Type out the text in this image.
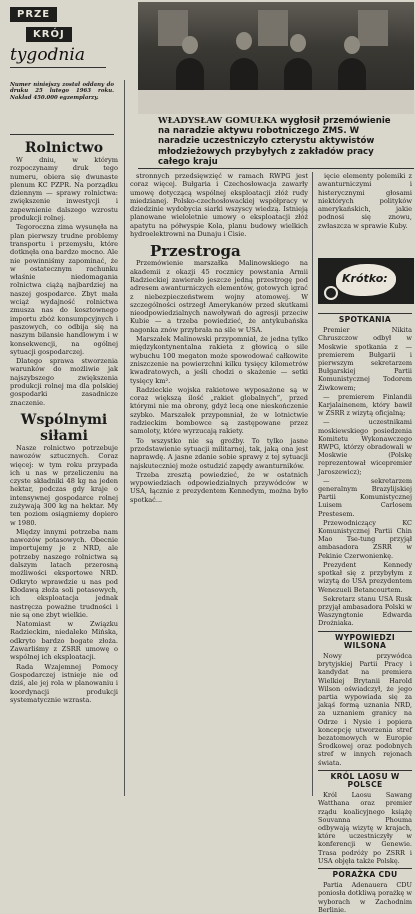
PRZE
KRÓJ
tygodnia
Numer niniejszy został oddany do druku 25 lutego 1963 roku. Nakład 450.000 egzemplarzy.
WŁADYSŁAW GOMUŁKA wygłosił przemówienie na naradzie aktywu robotniczego ZMS. W naradzie uczestniczyło czterystu aktywistów młodzieżowych przybyłych z zakładów pracy całego kraju
Rolnictwo

W dniu, w którym rozpoczynamy druk tego numeru, obiera się dwunaste plenum KC PZPR. Na porządku dziennym — sprawy rolnictwa: zwiększenie inwestycji i zapewnienie dalszego wzrostu produkcji rolnej.

Tegoroczna zima wysunęła na plan pierwszy trudne problemy transportu i przemysłu, które dotknęła ona bardzo mocno. Ale nie powinniśmy zapominać, że w ostatecznym rachunku właśnie niedomagania rolnictwa ciążą najbardziej na naszej gospodarce. Zbyt mała wciąż wydajność rolnictwa zmusza nas do kosztownego importu zbóż konsumpcyjnych i paszowych, co odbija się na naszym bilansie handlowym i w konsekwencji, na ogólnej sytuacji gospodarczej.

Dlatego sprawa stworzenia warunków do możliwie jak najszybszego zwiększenia produkcji rolnej ma dla polskiej gospodarki zasadnicze znaczenie.

Wspólnymi siłami

Nasze rolnictwo potrzebuje nawozów sztucznych. Coraz więcej: w tym roku przypada ich u nas w przeliczeniu na czyste składniki 48 kg na jeden hektar, podczas gdy kraje o intensywnej gospodarce rolnej zużywają 300 kg na hektar. My ten poziom osiągniemy dopiero w 1980.

Między innymi potrzeba nam nawozów potasowych. Obecnie importujemy je z NRD, ale potrzeby naszego rolnictwa są dalszym latach przerosną możliwości eksportowe NRD. Odkryto wprawdzie u nas pod Kłodawą złoża soli potasowych, ich eksploatacja jednak nastręcza poważne trudności i nie są one zbyt wielkie.

Natomiast w Związku Radzieckim, niedaleko Mińska, odkryto bardzo bogate złoża. Zawarliśmy z ZSRR umowę o wspólnej ich eksploatacji.

Rada Wzajemnej Pomocy Gospodarczej istnieje nie od dziś, ale jej rola w planowaniu i koordynacji produkcji systematycznie wzrasta.

stronnych przedsięwzięć w ramach RWPG jest coraz więcej. Bułgaria i Czechosłowacja zawarły umowę dotyczącą wspólnej eksploatacji złóż rudy miedzianej. Polsko-czechosłowackiej współpracy w dziedzinie wydobycia siarki wszyscy wiedzą. Istnieją planowane wieloletnie umowy o eksploatacji złóż apatytu na półwyspie Kola, planu budowy wielkich hydroelektrowni na Dunaju i Cisie.

Przestroga

Przemówienie marszałka Malinowskiego na akademii z okazji 45 rocznicy powstania Armii Radzieckiej zawierało jeszcze jedną przestrogę pod adresem awanturniczych elementów, gotowych igrać z niebezpieczeństwem wojny atomowej. W szczególności ostrzegł Amerykanów przed skutkami nieodpowiedzialnych nawoływań do agresji przeciw Kubie — a trzeba powiedzieć, że antykubańska nagonka znów przybrała na sile w USA.

Marszałek Malinowski przypomniał, że jedna tylko międzykontynentalna rakieta z głowicą o sile wybuchu 100 megaton może spowodować całkowite zniszczenie na powierzchni kilku tysięcy kilometrów kwadratowych, a jeśli chodzi o skażenie — setki tysięcy km².

Radzieckie wojska rakietowe wyposażone są w coraz większą ilość „rakiet globalnych”, przed którymi nie ma obrony, gdyż lecą one nieskończenie szybko. Marszałek przypomniał, że w lotnictwie radzieckim bombowce są zastępowane przez samoloty, które wyrzucają rakiety.

To wszystko nie są groźby. To tylko jasne przedstawienie sytuacji militarnej, tak, jaką ona jest naprawdę. A jasne zdanie sobie sprawy z tej sytuacji najskuteczniej może ostudzić zapędy awanturników.

Trzeba zresztą powiedzieć, że w ostatnich wypowiedziach odpowiedzialnych przywódców w USA, łącznie z prezydentem Kennedym, można było spotkać...

ięcie elementy polemiki z awanturniczymi i histerycznymi głosami niektórych polityków amerykańskich, jakie podnosi się znowu, zwłaszcza w sprawie Kuby.

Krótko:
SPOTKANIA

Premier Nikita Chruszczow odbył w Moskwie spotkania z — premierem Bułgarii i pierwszym sekretarzem Bułgarskiej Partii Komunistycznej Todorem Żiwkowem;

— premierem Finlandii Karjalainenem, który bawił w ZSRR z wizytą oficjalną;

— uczestnikami moskiewskiego posiedzenia Komitetu Wykonawczego RWPG, którzy obradowali w Moskwie (Polskę reprezentował wicepremier Jaroszewicz);

— sekretarzem generalnym Brazylijskiej Partii Komunistycznej Luisem Carlosem Prestesem.

Przewodniczący KC Komunistycznej Partii Chin Mao Tse-tung przyjął ambasadora ZSRR w Pekinie Czerwonienkę.

Prezydent Kennedy spotkał się z przybyłym z wizytą do USA prezydentem Wenezueli Betancourtem.

Sekretarz stanu USA Rusk przyjął ambasadora Polski w Waszyngtonie Edwarda Drożniaka.

WYPOWIEDZI WILSONA

Nowy przywódca brytyjskiej Partii Pracy i kandydat na premiera Wielkiej Brytanii Harold Wilson oświadczył, że jego partia wypowiada się za jakąś formą uznania NRD, za uznaniem granicy na Odrze i Nysie i popiera koncepcję utworzenia stref bezatomowych w Europie Środkowej oraz podobnych stref w innych rejonach świata.

KRÓL LAOSU W POLSCE

Król Laosu Sawang Watthana oraz premier rządu koalicyjnego książę Souvanna Phouma odbywają wizytę w krajach, które uczestniczyły w konferencji w Genewie. Trasa podróży po ZSRR i USA objęła także Polskę.

PORAŻKA CDU

Partia Adenauera CDU poniosła dotkliwą porażkę w wyborach w Zachodnim Berlinie.
